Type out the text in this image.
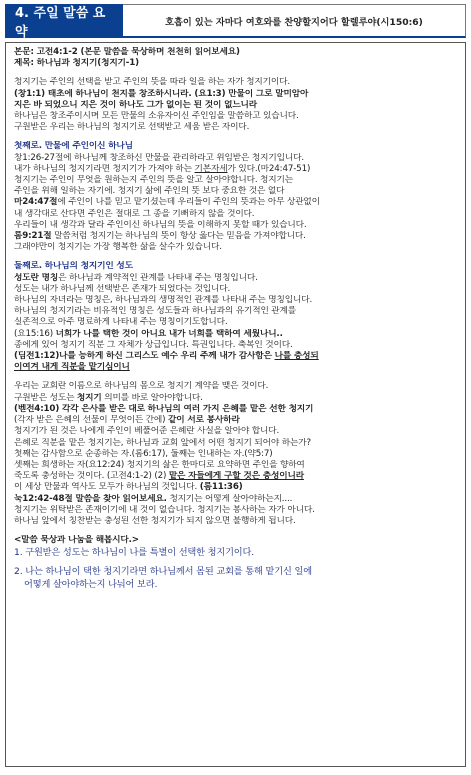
4. 주일 말씀 요약
호흡이 있는 자마다 여호와를 찬양할지어다 할렐루야(시150:6)

본문: 고전4:1-2 (본문 말씀을 묵상하며 천천히 읽어보세요)

제목: 하나님과 청지기(청지기-1)

청지기는 주인의 선택을 받고 주인의 뜻을 따라 일을 하는 자가 청지기이다.

(창1:1) 태초에 하나님이 천지를 창조하시니라. (요1:3) 만물이 그로 말미암아

지은 바 되었으니 지은 것이 하나도 그가 없이는 된 것이 없느니라

하나님은 창조주이시며 모든 만물의 소유자이신 주인임을 말씀하고 있습니다.

구원받은 우리는 하나님의 청지기로 선택받고 세움 받은 자이다.

첫째로. 만물에 주인이신 하나님

창1:26-27절에 하나님께 창조하신 만물을 관리하라고 위임받은 청지기입니다.

내가 하나님의 청지기라면 청지기가 가져야 하는 기본자세가 있다.(마24:47-51)

청지기는 주인이 무엇을 원하는지 주인의 뜻을 알고 살아야합니다. 청지기는

주인을 위해 일하는 자기에. 청지기 삶에 주인의 뜻 보다 중요한 것은 없다

마24:47절에 주인이 나를 믿고 맡기셨는데 우리들이 주인의 뜻과는 아무 상관없이

내 생각대로 산다면 주인은 절대로 그 종을 기뻐하지 않을 것이다.

우리들이 내 생각과 달라 주인이신 하나님의 뜻을 이해하지 못할 때가 있습니다.

롬9:21절 말씀처럼 청지기는 하나님의 뜻이 항상 옳다는 믿음을 가져야합니다.

그래야만이 청지기는 가장 행복한 삶을 살수가 있습니다.

둘째로. 하나님의 청지기인 성도

성도란 명칭은 하나님과 계약적인 관계를 나타내 주는 명칭입니다.

성도는 내가 하나님께 선택받은 존재가 되었다는 것입니다.

하나님의 자녀라는 명칭은, 하나님과의 생명적인 관계를 나타내 주는 명칭입니다.

하나님의 청지기라는 비유적인 명칭은 성도들과 하나님과의 유기적인 관계를

실존적으로 아주 명료하게 나타내 주는 명칭이기도합니다.

(요15:16) 너희가 나를 택한 것이 아니요 내가 너희를 택하여 세웠나니..

종에게 있어 청지기 직분 그 자체가 상급입니다. 특권입니다. 축복인 것이다.

(딤전1:12)나를 능하게 하신 그리스도 예수 우리 주께 내가 감사함은 나를 충성되

이여겨 내게 직분을 맡기심이니

우리는 교회란 이름으로 하나님의 몸으로 청지기 계약을 맺은 것이다.

구원받은 성도는 청지기 의미를 바로 알아야합니다.

(벧전4:10) 각각 은사를 받은 대로 하나님의 여러 가지 은혜를 맡은 선한 청지기

(각자 받은 은혜의 선물이 무엇이든 간에) 같이 서로 봉사하라

청지기가 된 것은 나에게 주인이 베풀어준 은혜란 사실을 알아야 합니다.

은혜로 직분을 맡은 청지기는, 하나님과 교회 앞에서 어떤 청지기 되어야 하는가?

첫째는 감사함으로 순종하는 자.(롬6:17), 둘째는 인내하는 자.(약5:7)

셋째는 희생하는 자(요12:24) 청지기의 삶은 한마디로 요약하면 주인을 향하여

죽도록 충성하는 것이다. (고전4:1-2) (2) 맡은 자들에게 구할 것은 충성이니라

이 세상 만물과 역사도 모두가 하나님의 것입니다. (롬11:36)

눅12:42-48절 말씀을 찾아 읽어보세요. 청지기는 어떻게 살아야하는지....

청지기는 위탁받은 존재이기에 내 것이 없습니다. 청지기는 봉사하는 자가 아니다.

하나님 앞에서 칭찬받는 충성된 선한 청지기가 되지 않으면 불행하게 됩니다.

<말씀 묵상과 나눔을 해봅시다.>

1. 구원받은 성도는 하나님이 나를 특별이 선택한 청지기이다.

2. 나는 하나님이 택한 청지기라면 하나님께서 몸된 교회를 통해 맡기신 일에

어떻게 살아야하는지 나눠어 보라.
